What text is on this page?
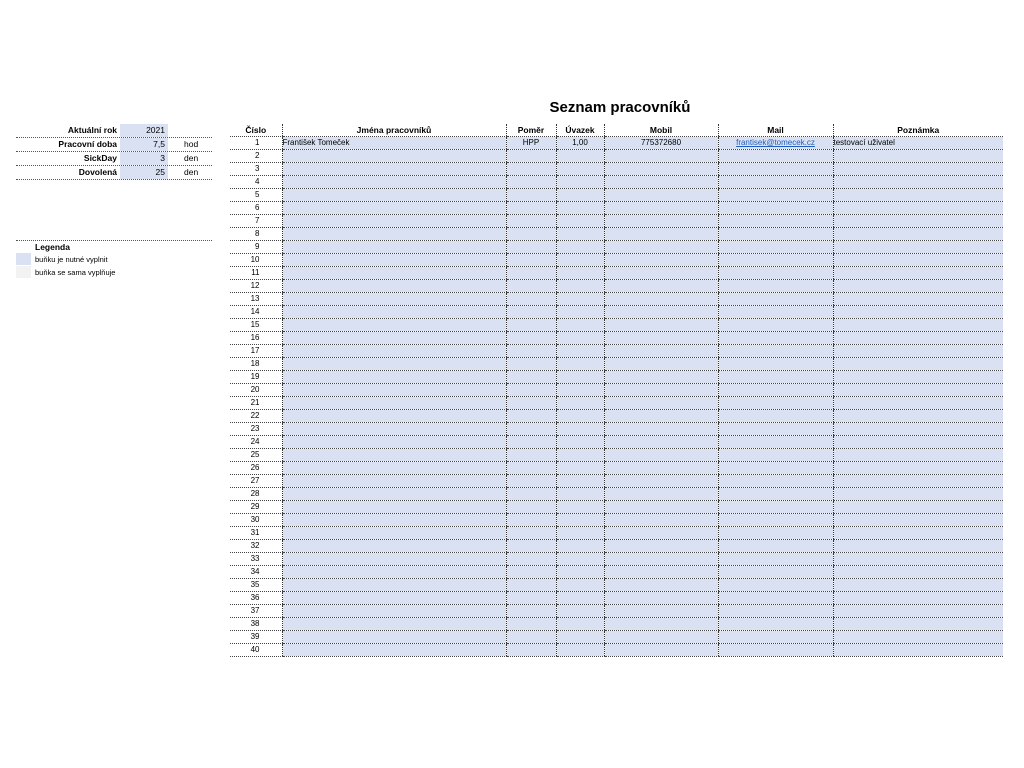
Seznam pracovníků
Aktuální rok	2021
Pracovní doba	7,5	hod
SickDay	3	den
Dovolená	25	den
Legenda
buňku je nutné vyplnit
buňka se sama vyplňuje
Číslo	Jména pracovníků	Poměr	Úvazek	Mobil	Mail	Poznámka
1	František Tomeček	HPP	1,00	775372680	frantisek@tomecek.cz	testovací uživatel
2						
3						
4						
5						
6						
7						
8						
9						
10						
11						
12						
13						
14						
15						
16						
17						
18						
19						
20						
21						
22						
23						
24						
25						
26						
27						
28						
29						
30						
31						
32						
33						
34						
35						
36						
37						
38						
39						
40						
